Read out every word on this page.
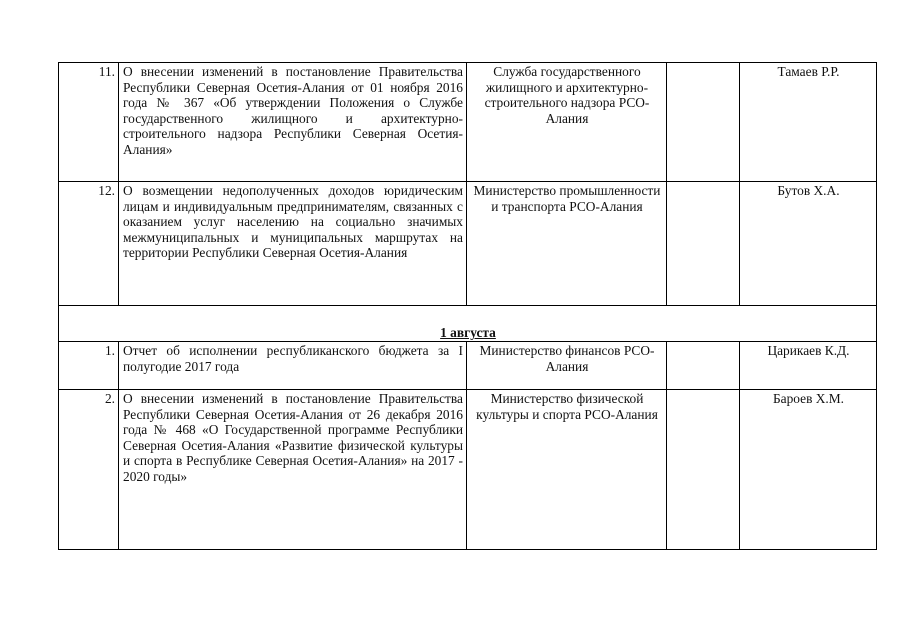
11.	О внесении изменений в постановление Правительства Республики Северная Осетия-Алания от 01 ноября 2016 года № 367 «Об утверждении Положения о Службе государственного жилищного и архитектурно-строительного надзора Республики Северная Осетия-Алания»	Служба государственного жилищного и архитектурно-строительного надзора РСО-Алания		Тамаев Р.Р.
12.	О возмещении недополученных доходов юридическим лицам и индивидуальным предпринимателям, связанных с оказанием услуг населению на социально значимых межмуниципальных и муниципальных маршрутах на территории Республики Северная Осетия-Алания	Министерство промышленности и транспорта РСО-Алания		Бутов Х.А.
1 августа				
1.	Отчет об исполнении республиканского бюджета за I полугодие 2017 года	Министерство финансов РСО-Алания		Царикаев К.Д.
2.	О внесении изменений в постановление Правительства Республики Северная Осетия-Алания от 26 декабря 2016 года № 468 «О Государственной программе Республики Северная Осетия-Алания «Развитие физической культуры и спорта в Республике Северная Осетия-Алания» на 2017 - 2020 годы»	Министерство физической культуры и спорта РСО-Алания		Бароев Х.М.
